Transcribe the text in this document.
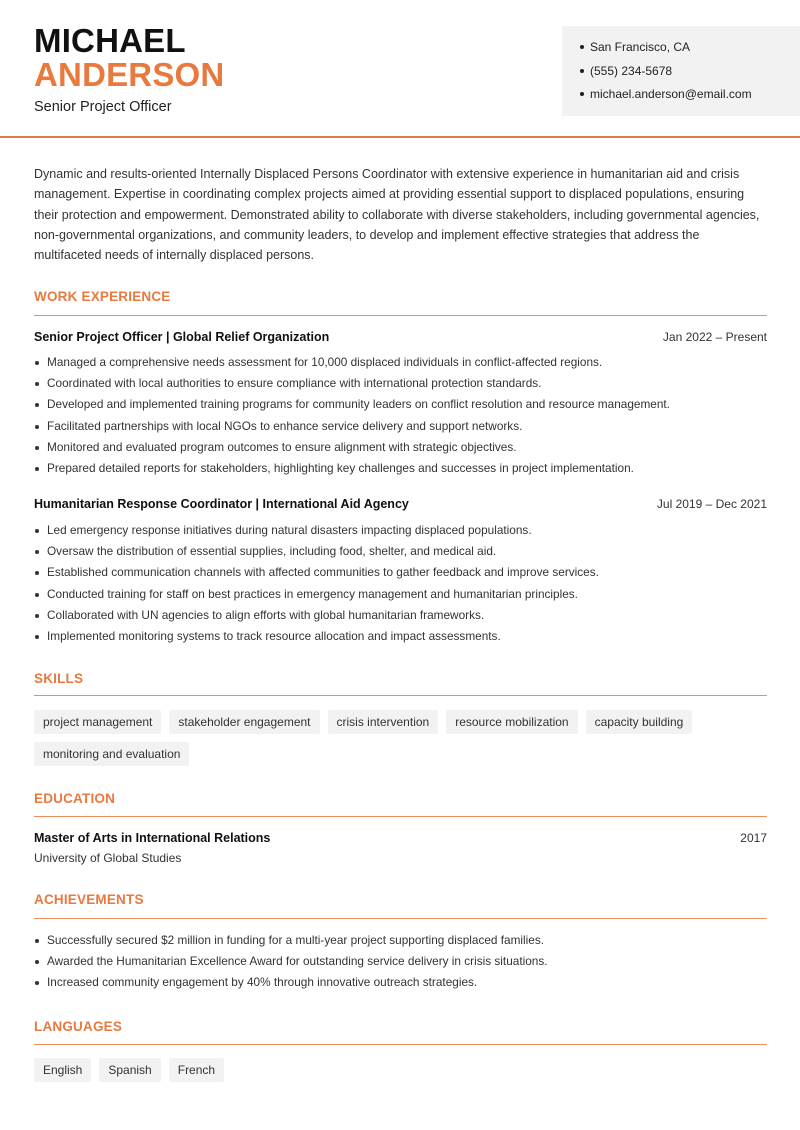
MICHAEL
ANDERSON
Senior Project Officer
San Francisco, CA
(555) 234-5678
michael.anderson@email.com

Dynamic and results-oriented Internally Displaced Persons Coordinator with extensive experience in humanitarian aid and crisis management. Expertise in coordinating complex projects aimed at providing essential support to displaced populations, ensuring their protection and empowerment. Demonstrated ability to collaborate with diverse stakeholders, including governmental agencies, non-governmental organizations, and community leaders, to develop and implement effective strategies that address the multifaceted needs of internally displaced persons.

WORK EXPERIENCE
Senior Project Officer | Global Relief Organization	Jan 2022 – Present
Managed a comprehensive needs assessment for 10,000 displaced individuals in conflict-affected regions.
Coordinated with local authorities to ensure compliance with international protection standards.
Developed and implemented training programs for community leaders on conflict resolution and resource management.
Facilitated partnerships with local NGOs to enhance service delivery and support networks.
Monitored and evaluated program outcomes to ensure alignment with strategic objectives.
Prepared detailed reports for stakeholders, highlighting key challenges and successes in project implementation.
Humanitarian Response Coordinator | International Aid Agency	Jul 2019 – Dec 2021
Led emergency response initiatives during natural disasters impacting displaced populations.
Oversaw the distribution of essential supplies, including food, shelter, and medical aid.
Established communication channels with affected communities to gather feedback and improve services.
Conducted training for staff on best practices in emergency management and humanitarian principles.
Collaborated with UN agencies to align efforts with global humanitarian frameworks.
Implemented monitoring systems to track resource allocation and impact assessments.
SKILLS
project management	stakeholder engagement	crisis intervention	resource mobilization	capacity building
monitoring and evaluation
EDUCATION
Master of Arts in International Relations	2017
University of Global Studies
ACHIEVEMENTS
Successfully secured $2 million in funding for a multi-year project supporting displaced families.
Awarded the Humanitarian Excellence Award for outstanding service delivery in crisis situations.
Increased community engagement by 40% through innovative outreach strategies.
LANGUAGES
English	Spanish	French
